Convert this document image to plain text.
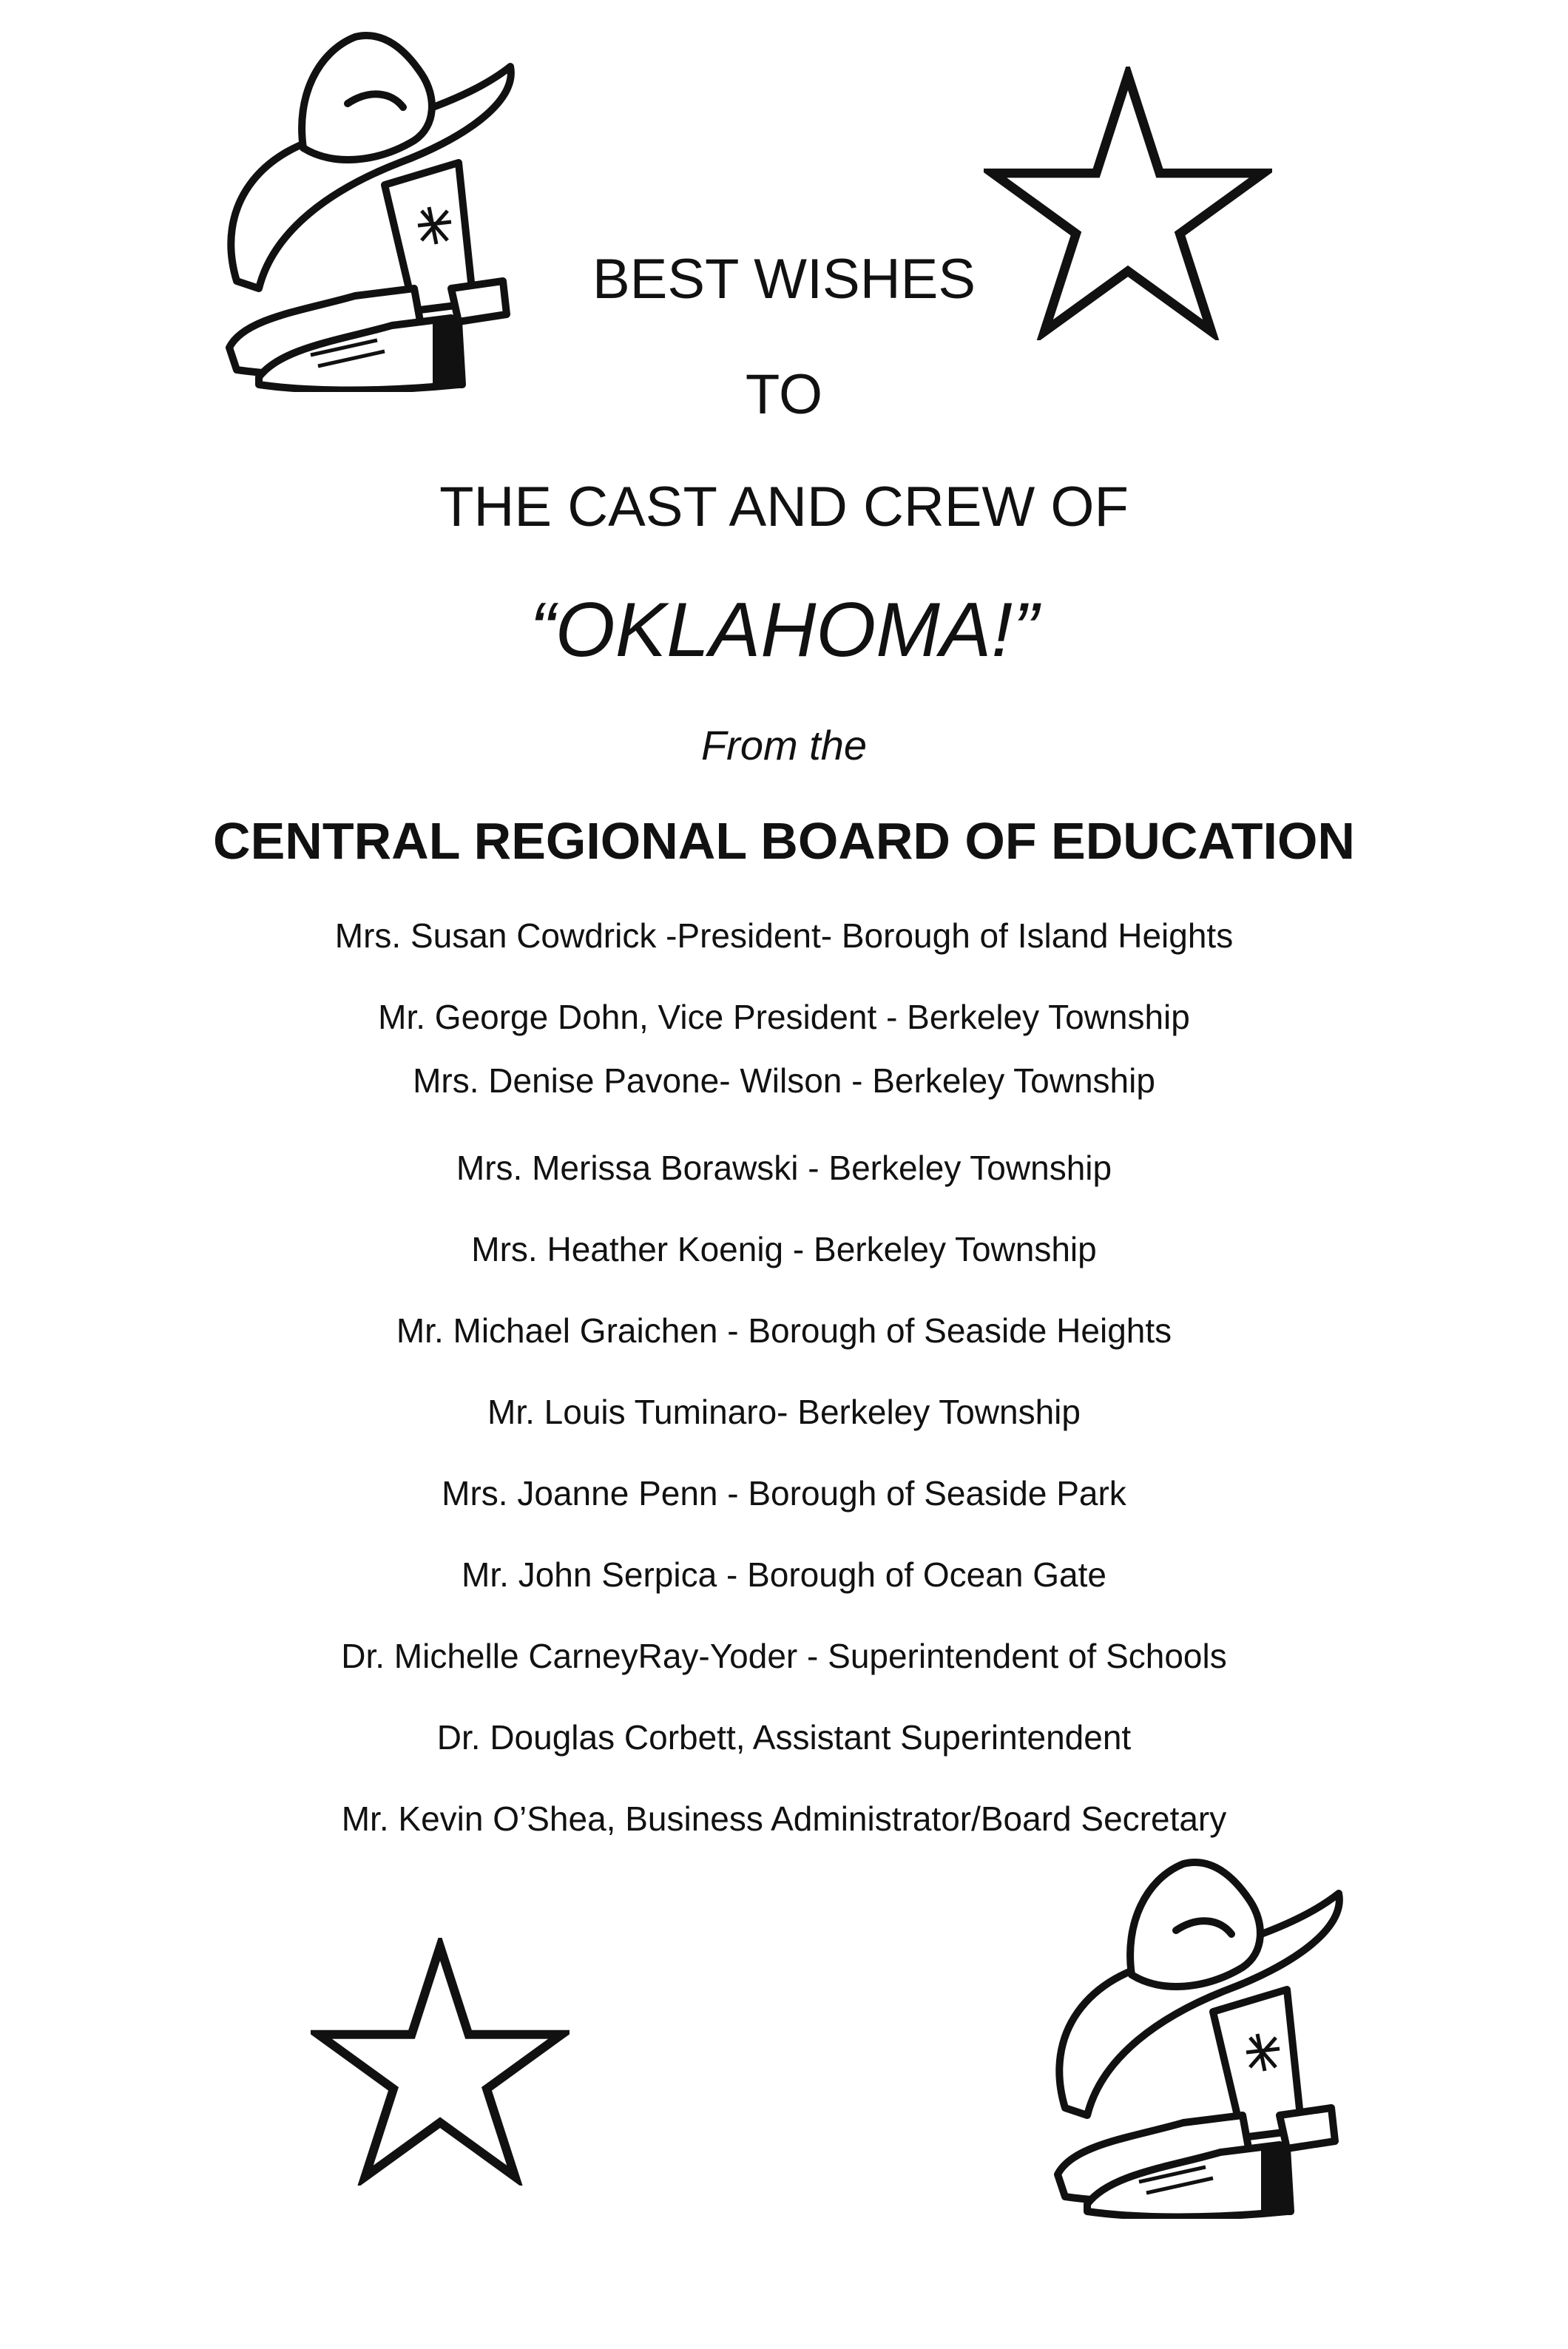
BEST WISHES
TO
THE CAST AND CREW OF
“OKLAHOMA!”
From the
CENTRAL REGIONAL BOARD OF EDUCATION
Mrs. Susan Cowdrick -President- Borough of Island Heights
Mr. George Dohn, Vice President - Berkeley Township
Mrs. Denise Pavone- Wilson - Berkeley Township
Mrs. Merissa Borawski - Berkeley Township
Mrs. Heather Koenig - Berkeley Township
Mr. Michael Graichen - Borough of Seaside Heights
Mr. Louis Tuminaro- Berkeley Township
Mrs. Joanne Penn - Borough of Seaside Park
Mr. John Serpica - Borough of Ocean Gate
Dr. Michelle CarneyRay-Yoder - Superintendent of Schools
Dr. Douglas Corbett, Assistant Superintendent
Mr. Kevin O’Shea, Business Administrator/Board Secretary
